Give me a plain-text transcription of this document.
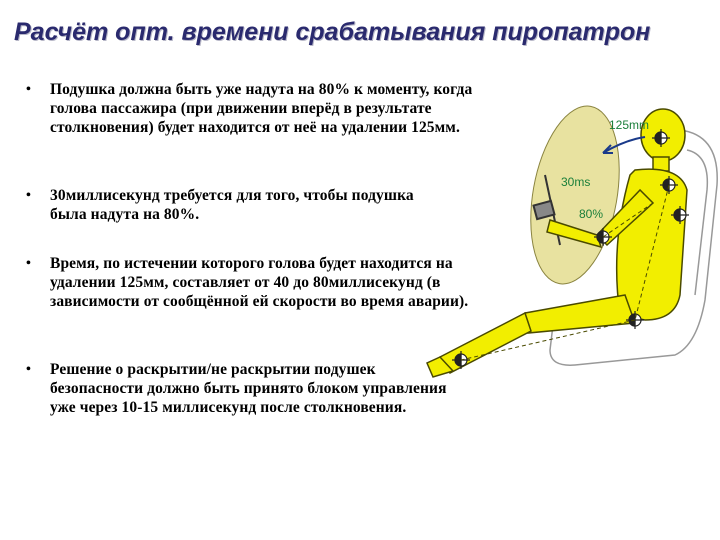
Расчёт опт. времени срабатывания пиропатрон
• Подушка должна быть уже надута на 80% к моменту, когда голова пассажира (при движении вперёд в результате столкновения) будет находится от неё на удалении 125мм.
• 30миллисекунд требуется для того, чтобы подушка была надута на 80%.
• Время, по истечении которого голова будет находится на удалении 125мм, составляет от 40 до 80миллисекунд (в зависимости от сообщённой ей скорости во время аварии).
• Решение о раскрытии/не раскрытии подушек безопасности должно быть принято блоком управления уже через 10-15 миллисекунд после столкновения.
125mm
30ms
80%
